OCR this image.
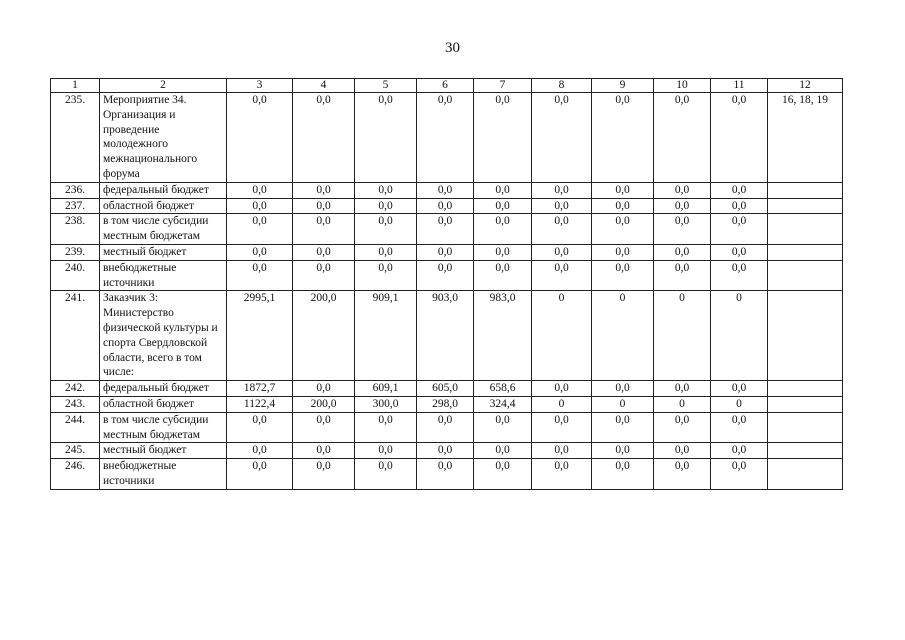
30
1	2	3	4	5	6	7	8	9	10	11	12
235.	Мероприятие 34. Организация и проведение молодежного межнационального форума	0,0	0,0	0,0	0,0	0,0	0,0	0,0	0,0	0,0	16, 18, 19
236.	федеральный бюджет	0,0	0,0	0,0	0,0	0,0	0,0	0,0	0,0	0,0	
237.	областной бюджет	0,0	0,0	0,0	0,0	0,0	0,0	0,0	0,0	0,0	
238.	в том числе субсидии местным бюджетам	0,0	0,0	0,0	0,0	0,0	0,0	0,0	0,0	0,0	
239.	местный бюджет	0,0	0,0	0,0	0,0	0,0	0,0	0,0	0,0	0,0	
240.	внебюджетные источники	0,0	0,0	0,0	0,0	0,0	0,0	0,0	0,0	0,0	
241.	Заказчик 3: Министерство физической культуры и спорта Свердловской области, всего в том числе:	2995,1	200,0	909,1	903,0	983,0	0	0	0	0	
242.	федеральный бюджет	1872,7	0,0	609,1	605,0	658,6	0,0	0,0	0,0	0,0	
243.	областной бюджет	1122,4	200,0	300,0	298,0	324,4	0	0	0	0	
244.	в том числе субсидии местным бюджетам	0,0	0,0	0,0	0,0	0,0	0,0	0,0	0,0	0,0	
245.	местный бюджет	0,0	0,0	0,0	0,0	0,0	0,0	0,0	0,0	0,0	
246.	внебюджетные источники	0,0	0,0	0,0	0,0	0,0	0,0	0,0	0,0	0,0	
